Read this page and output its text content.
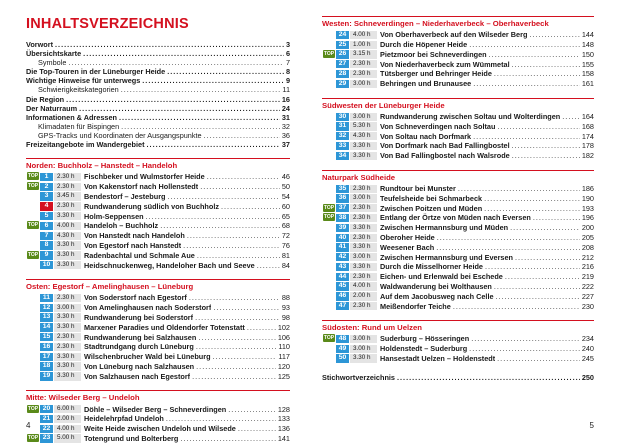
INHALTSVERZEICHNIS
Vorwort .....	3
Übersichtskarte .....	6
Symbole .....	7
Die Top-Touren in der Lüneburger Heide .....	8
Wichtige Hinweise für unterwegs .....	9
Schwierigkeitskategorien .....	11
Die Region .....	16
Der Naturraum .....	24
Informationen & Adressen .....	31
Klimadaten für Bispingen .....	32
GPS-Tracks und Koordinaten der Ausgangspunkte .....	36
Freizeitangebote im Wandergebiet .....	37
Norden: Buchholz – Hanstedt – Handeloh
TOP 1	2.30 h	Fischbeker und Wulmstorfer Heide .....	46
TOP 2	2.30 h	Von Kakenstorf nach Hollenstedt .....	50
3	3.45 h	Bendestorf – Jesteburg .....	54
4	2.30 h	Rundwanderung südlich von Buchholz .....	60
5	3.30 h	Holm-Seppensen .....	65
TOP 6	4.00 h	Handeloh – Buchholz .....	68
7	4.30 h	Von Hanstedt nach Handeloh .....	72
8	3.30 h	Von Egestorf nach Hanstedt .....	76
TOP 9	3.30 h	Radenbachtal und Schmale Aue .....	81
10	3.30 h	Heidschnuckenweg, Handeloher Bach und Seeve .....	84
Osten: Egestorf – Amelinghausen – Lüneburg
11	2.30 h	Von Soderstorf nach Egestorf .....	88
12	3.00 h	Von Amelinghausen nach Soderstorf .....	93
13	3.30 h	Rundwanderung bei Soderstorf .....	98
14	3.30 h	Marxener Paradies und Oldendorfer Totenstatt .....	102
15	2.30 h	Rundwanderung bei Salzhausen .....	106
16	2.30 h	Stadtrundgang durch Lüneburg .....	110
17	3.30 h	Wilschenbrucher Wald bei Lüneburg .....	117
18	3.30 h	Von Lüneburg nach Salzhausen .....	120
19	3.30 h	Von Salzhausen nach Egestorf .....	125
Mitte: Wilseder Berg – Undeloh
TOP 20	6.00 h	Döhle – Wilseder Berg – Schneverdingen .....	128
21	2.00 h	Heidelehrpfad Undeloh .....	133
22	4.00 h	Weite Heide zwischen Undeloh und Wilsede .....	136
TOP 23	5.00 h	Totengrund und Bolterberg .....	141
4
Westen: Schneverdingen – Niederhaverbeck – Oberhaverbeck
24	4.00 h	Von Oberhaverbeck auf den Wilseder Berg .....	144
25	1.00 h	Durch die Höpener Heide .....	148
TOP 26	3.15 h	Pietzmoor bei Schneverdingen .....	150
27	2.30 h	Von Niederhaverbeck zum Wümmetal .....	155
28	2.30 h	Tütsberger und Behringer Heide .....	158
29	3.00 h	Behringen und Brunausee .....	161
Südwesten der Lüneburger Heide
30	3.00 h	Rundwanderung zwischen Soltau und Wolterdingen .....	164
31	5.30 h	Von Schneverdingen nach Soltau .....	168
32	4.30 h	Von Soltau nach Dorfmark .....	174
33	3.30 h	Von Dorfmark nach Bad Fallingbostel .....	178
34	3.30 h	Von Bad Fallingbostel nach Walsrode .....	182
Naturpark Südheide
35	2.30 h	Rundtour bei Munster .....	186
36	3.00 h	Teufelsheide bei Schmarbeck .....	190
TOP 37	2.30 h	Zwischen Poitzen und Müden .....	193
TOP 38	2.30 h	Entlang der Örtze von Müden nach Eversen .....	196
39	3.30 h	Zwischen Hermannsburg und Müden .....	200
40	2.30 h	Oberoher Heide .....	205
41	3.30 h	Weesener Bach .....	208
42	3.00 h	Zwischen Hermannsburg und Eversen .....	212
43	3.30 h	Durch die Misselhorner Heide .....	216
44	2.30 h	Eichen- und Erlenwald bei Eschede .....	219
45	4.00 h	Waldwanderung bei Wolthausen .....	222
46	2.00 h	Auf dem Jacobusweg nach Celle .....	227
47	2.30 h	Meißendorfer Teiche .....	230
Südosten: Rund um Uelzen
TOP 48	3.00 h	Suderburg – Hösseringen .....	234
49	3.00 h	Holdenstedt – Suderburg .....	240
50	3.30 h	Hansestadt Uelzen – Holdenstedt .....	245
Stichwortverzeichnis .....	250
5
